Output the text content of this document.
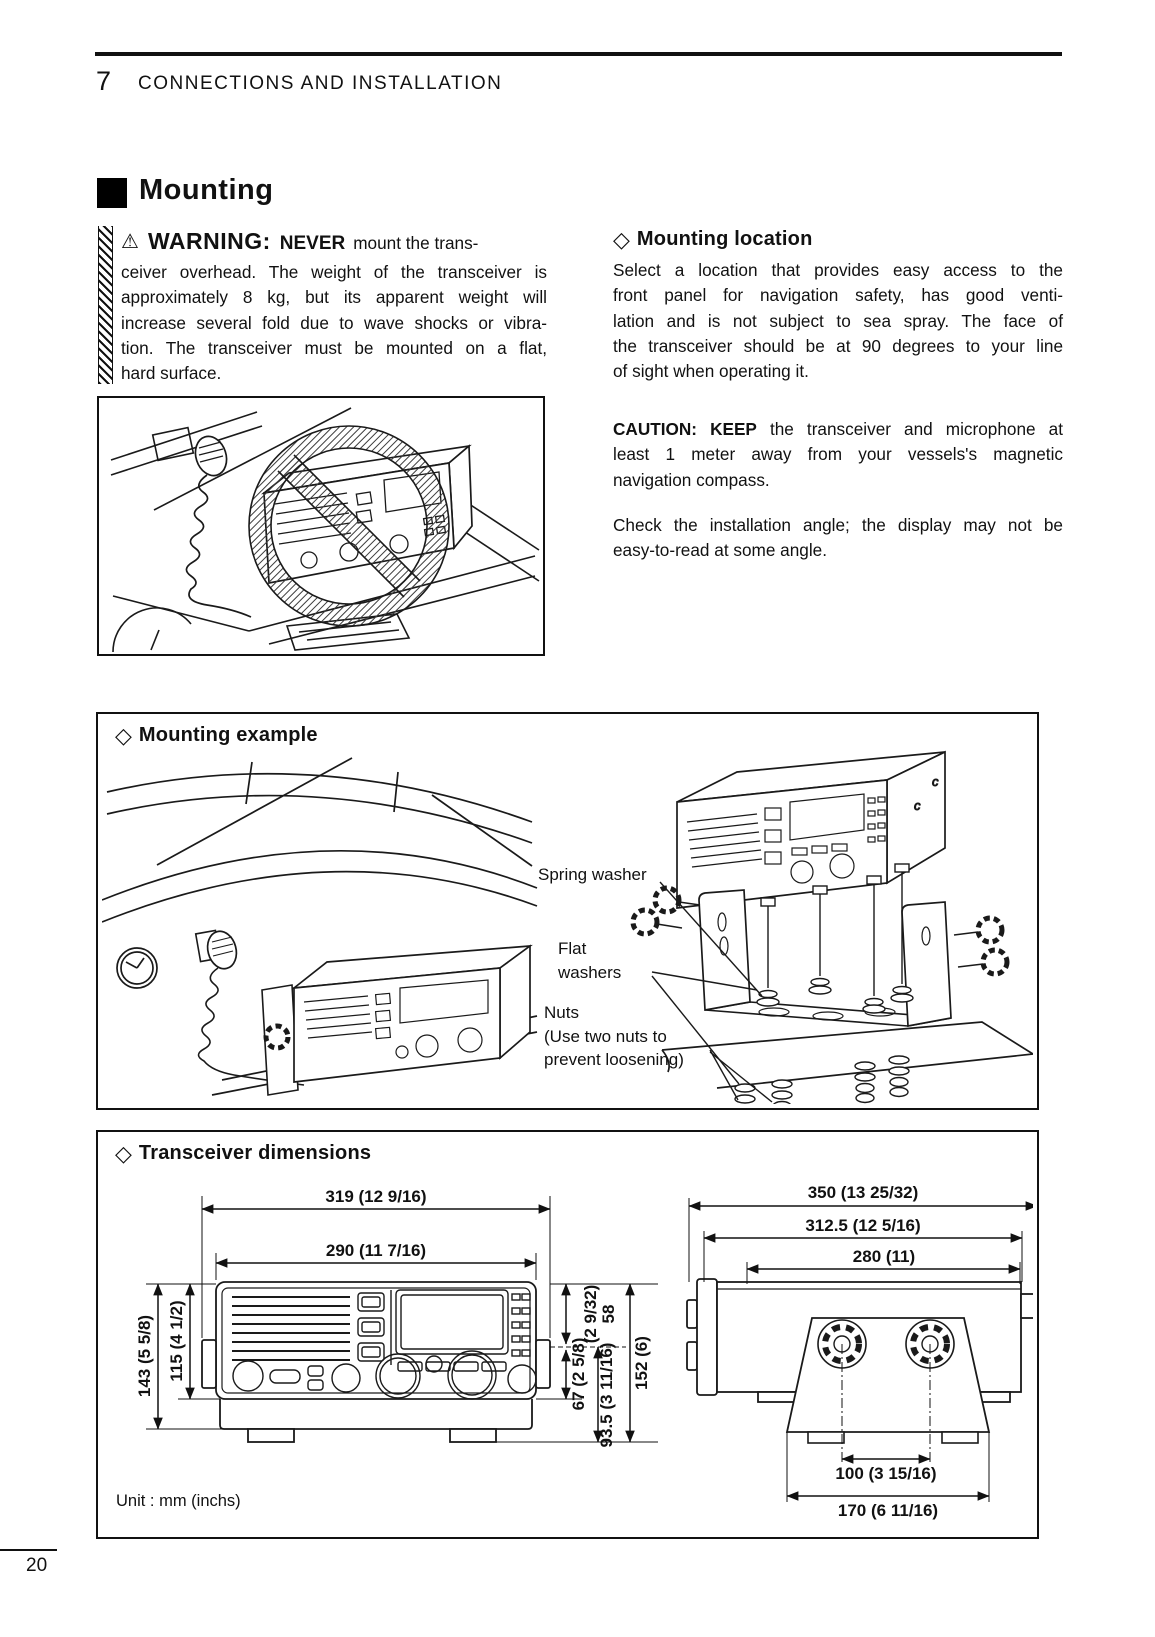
7 CONNECTIONS AND INSTALLATION
Mounting
⚠ WARNING: NEVER mount the trans-
ceiver overhead. The weight of the transceiver is
approximately 8 kg, but its apparent weight will
increase several fold due to wave shocks or vibra-
tion. The transceiver must be mounted on a flat,
hard surface.
◇ Mounting location
Select a location that provides easy access to the
front panel for navigation safety, has good venti-
lation and is not subject to sea spray. The face of
the transceiver should be at 90 degrees to your line
of sight when operating it.
CAUTION: KEEP the transceiver and microphone at
least 1 meter away from your vessels's magnetic
navigation compass.
Check the installation angle; the display may not be
easy-to-read at some angle.
◇ Mounting example
c
c
Spring washer
Flat
washers
Nuts
(Use two nuts to
prevent loosening)
◇ Transceiver dimensions
Unit : mm (inchs)
319 (12 9/16)
290 (11 7/16)
143 (5 5/8) 115 (4 1/2)	58
(2 9/32)
67 (2 5/8) 93.5 (3 11/16) 152 (6)
350 (13 25/32)
312.5 (12 5/16)
280 (11)
100 (3 15/16)
170 (6 11/16)
20
